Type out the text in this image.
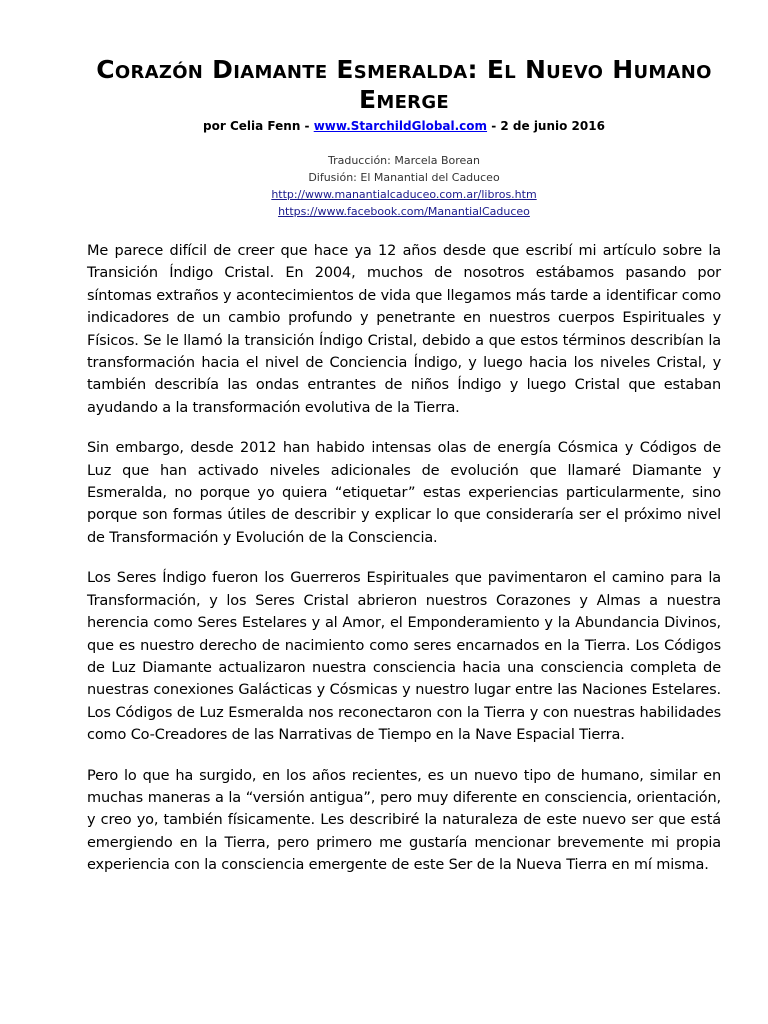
Corazón Diamante Esmeralda: El Nuevo Humano Emerge

por Celia Fenn - www.StarchildGlobal.com - 2 de junio 2016

Traducción: Marcela Borean
Difusión: El Manantial del Caduceo
http://www.manantialcaduceo.com.ar/libros.htm
https://www.facebook.com/ManantialCaduceo

Me parece difícil de creer que hace ya 12 años desde que escribí mi artículo sobre la Transición Índigo Cristal. En 2004, muchos de nosotros estábamos pasando por síntomas extraños y acontecimientos de vida que llegamos más tarde a identificar como indicadores de un cambio profundo y penetrante en nuestros cuerpos Espirituales y Físicos. Se le llamó la transición Índigo Cristal, debido a que estos términos describían la transformación hacia el nivel de Conciencia Índigo, y luego hacia los niveles Cristal, y también describía las ondas entrantes de niños Índigo y luego Cristal que estaban ayudando a la transformación evolutiva de la Tierra.

Sin embargo, desde 2012 han habido intensas olas de energía Cósmica y Códigos de Luz que han activado niveles adicionales de evolución que llamaré Diamante y Esmeralda, no porque yo quiera “etiquetar” estas experiencias particularmente, sino porque son formas útiles de describir y explicar lo que consideraría ser el próximo nivel de Transformación y Evolución de la Consciencia.

Los Seres Índigo fueron los Guerreros Espirituales que pavimentaron el camino para la Transformación, y los Seres Cristal abrieron nuestros Corazones y Almas a nuestra herencia como Seres Estelares y al Amor, el Emponderamiento y la Abundancia Divinos, que es nuestro derecho de nacimiento como seres encarnados en la Tierra. Los Códigos de Luz Diamante actualizaron nuestra consciencia hacia una consciencia completa de nuestras conexiones Galácticas y Cósmicas y nuestro lugar entre las Naciones Estelares. Los Códigos de Luz Esmeralda nos reconectaron con la Tierra y con nuestras habilidades como Co-Creadores de las Narrativas de Tiempo en la Nave Espacial Tierra.

Pero lo que ha surgido, en los años recientes, es un nuevo tipo de humano, similar en muchas maneras a la “versión antigua”, pero muy diferente en consciencia, orientación, y creo yo, también físicamente. Les describiré la naturaleza de este nuevo ser que está emergiendo en la Tierra, pero primero me gustaría mencionar brevemente mi propia experiencia con la consciencia emergente de este Ser de la Nueva Tierra en mí misma.
